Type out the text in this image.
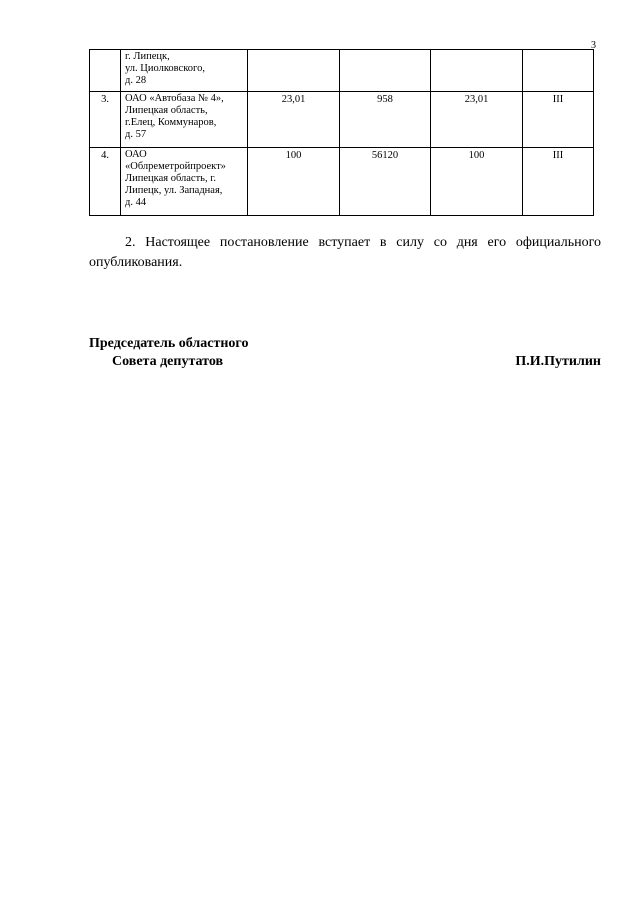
3

	г. Липецк,
ул. Циолковского,
д. 28				

3.	ОАО «Автобаза № 4»,
Липецкая область,
г.Елец, Коммунаров,
д. 57	23,01	958	23,01	III
4.	ОАО
«Облреметройпроект»
Липецкая область, г.
Липецк, ул. Западная,
д. 44	100	56120	100	III
2. Настоящее постановление вступает в силу со дня его официального
опубликования.
Председатель областного
Совета депутатов	П.И.Путилин
